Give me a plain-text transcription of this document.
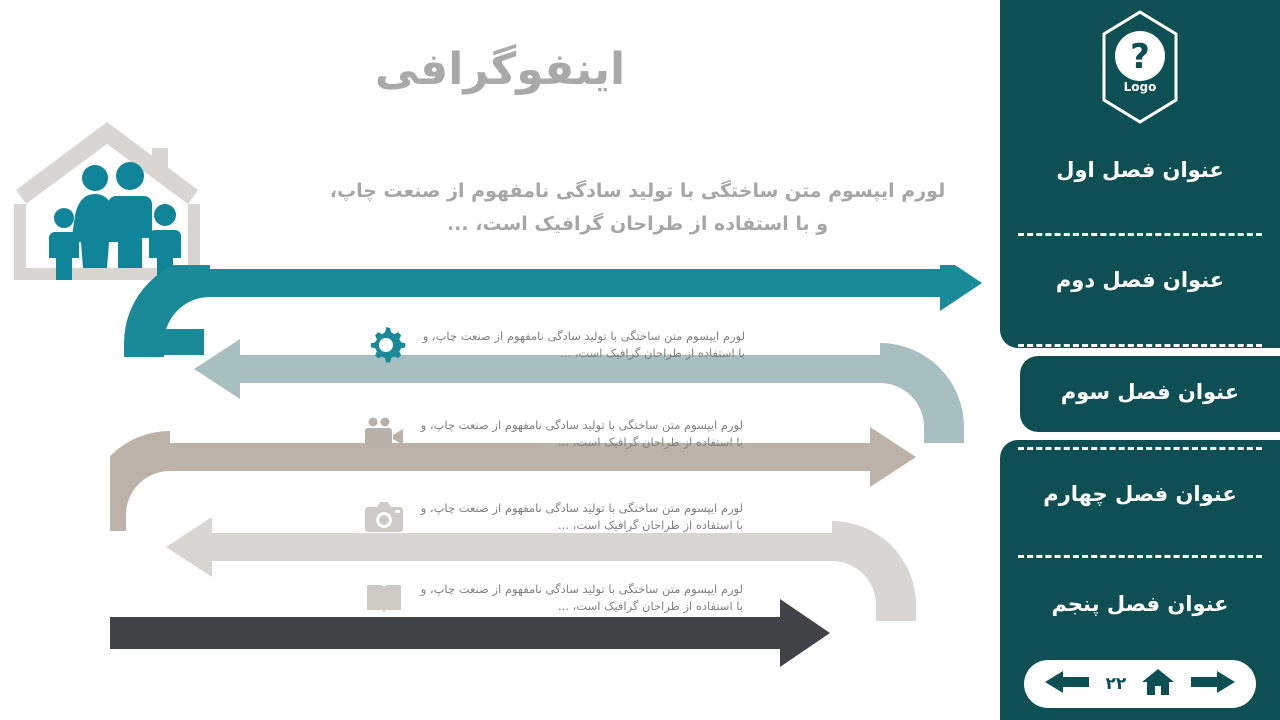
اینفوگرافی
لورم ایپسوم متن ساختگی با تولید سادگی نامفهوم از صنعت چاپ، و با استفاده از طراحان گرافیک است، ...
لورم ایپسوم متن ساختگی با تولید سادگی نامفهوم از صنعت چاپ، و با استفاده از طراحان گرافیک است، ...
لورم ایپسوم متن ساختگی با تولید سادگی نامفهوم از صنعت چاپ، و با استفاده از طراحان گرافیک است، ...
لورم ایپسوم متن ساختگی با تولید سادگی نامفهوم از صنعت چاپ، و با استفاده از طراحان گرافیک است، ...
لورم ایپسوم متن ساختگی با تولید سادگی نامفهوم از صنعت چاپ، و با استفاده از طراحان گرافیک است، ...
?
Logo
عنوان فصل اول
عنوان فصل دوم
عنوان فصل سوم
عنوان فصل چهارم
عنوان فصل پنجم
۲۲
